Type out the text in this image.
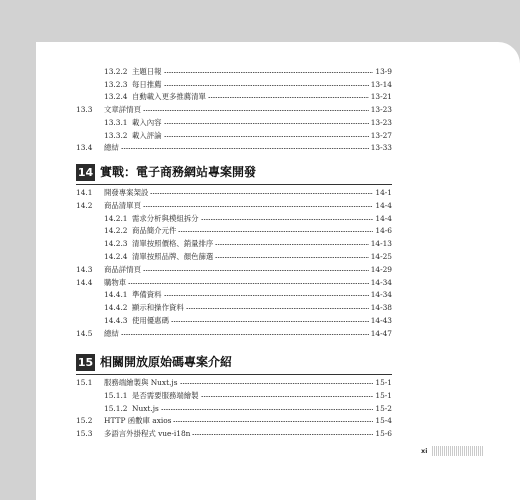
13.2.2 主題日報	13-9
13.2.3 每日推薦	13-14
13.2.4 自動載入更多推薦清單	13-21
13.3	文章詳情頁	13-23
13.3.1 載入內容	13-23
13.3.2 載入評論	13-27
13.4	總結	13-33
14 實戰：電子商務網站專案開發
14.1	開發專案架設	14-1
14.2	商品清單頁	14-4
14.2.1 需求分析與模組拆分	14-4
14.2.2 商品簡介元件	14-6
14.2.3 清單按照價格、銷量排序	14-13
14.2.4 清單按照品牌、顏色篩選	14-25
14.3	商品詳情頁	14-29
14.4	購物車	14-34
14.4.1 準備資料	14-34
14.4.2 顯示和操作資料	14-38
14.4.3 使用優惠碼	14-43
14.5	總結	14-47
15 相關開放原始碼專案介紹
15.1	服務端繪製與 Nuxt.js	15-1
15.1.1 是否需要服務端繪製	15-1
15.1.2 Nuxt.js	15-2
15.2	HTTP 函數庫 axios	15-4
15.3	多語言外掛程式 vue-i18n	15-6
xi
